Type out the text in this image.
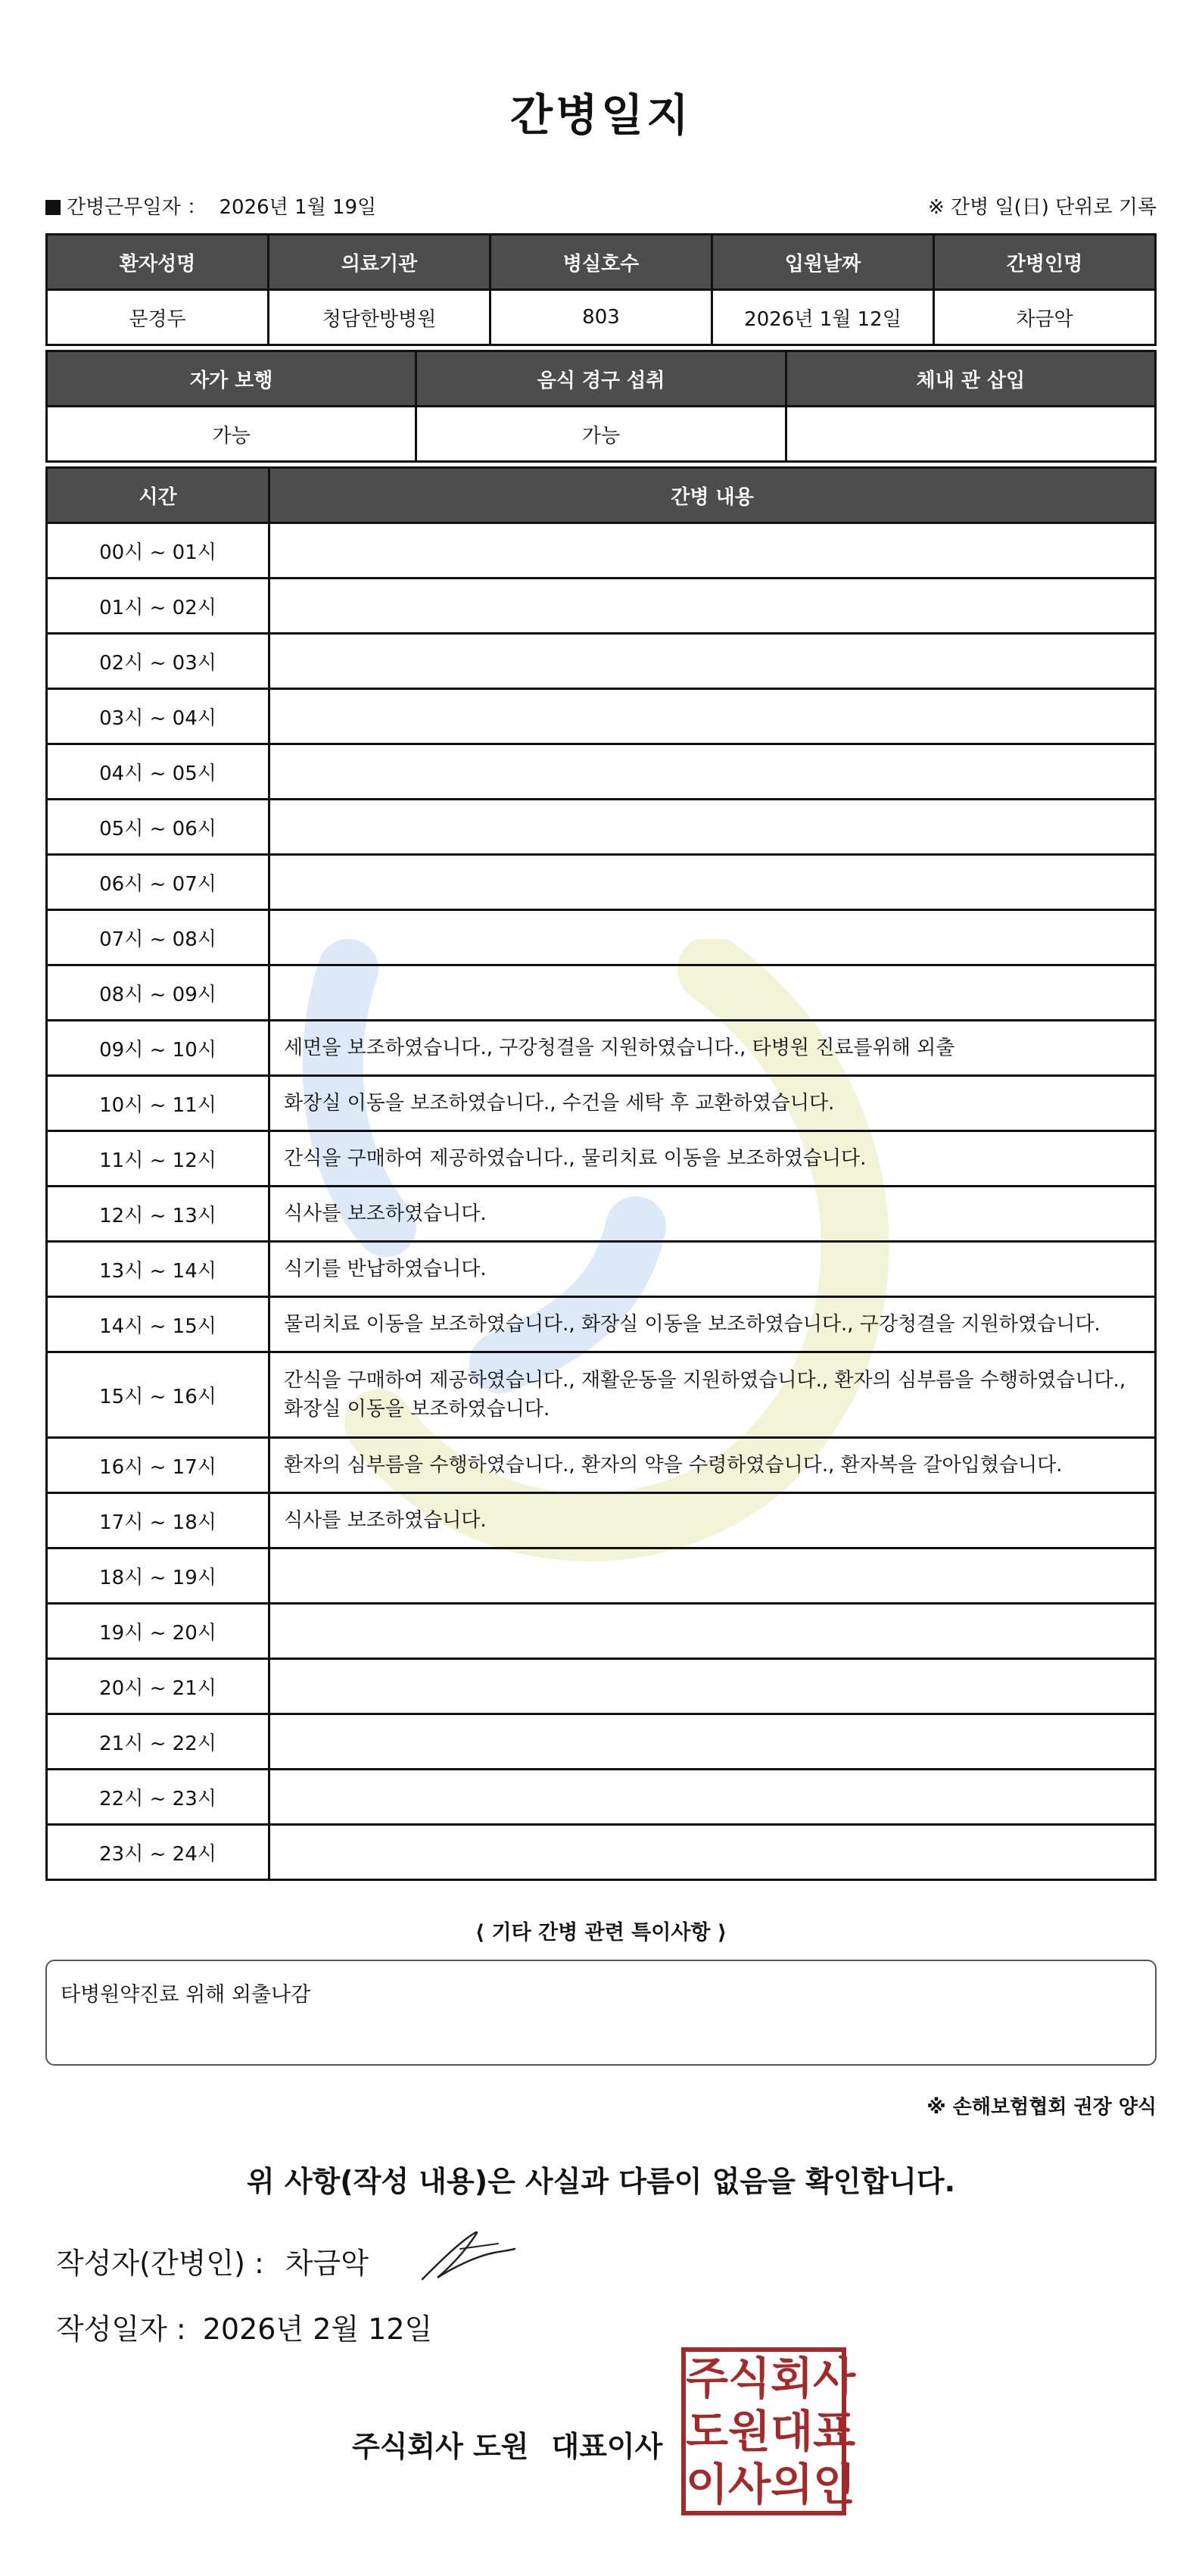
간병일지
간병근무일자 ： 2026년 1월 19일	※ 간병 일(日) 단위로 기록
환자성명	의료기관	병실호수	입원날짜	간병인명
문경두	청담한방병원	803	2026년 1월 12일	차금악
자가 보행	음식 경구 섭취	체내 관 삽입
가능	가능	
시간	간병 내용
00시 ~ 01시	
01시 ~ 02시	
02시 ~ 03시	
03시 ~ 04시	
04시 ~ 05시	
05시 ~ 06시	
06시 ~ 07시	
07시 ~ 08시	
08시 ~ 09시	
09시 ~ 10시	세면을 보조하였습니다., 구강청결을 지원하였습니다., 타병원 진료를위해 외출
10시 ~ 11시	화장실 이동을 보조하였습니다., 수건을 세탁 후 교환하였습니다.
11시 ~ 12시	간식을 구매하여 제공하였습니다., 물리치료 이동을 보조하였습니다.
12시 ~ 13시	식사를 보조하였습니다.
13시 ~ 14시	식기를 반납하였습니다.
14시 ~ 15시	물리치료 이동을 보조하였습니다., 화장실 이동을 보조하였습니다., 구강청결을 지원하였습니다.
15시 ~ 16시	간식을 구매하여 제공하였습니다., 재활운동을 지원하였습니다., 환자의 심부름을 수행하였습니다., 화장실 이동을 보조하였습니다.
16시 ~ 17시	환자의 심부름을 수행하였습니다., 환자의 약을 수령하였습니다., 환자복을 갈아입혔습니다.
17시 ~ 18시	식사를 보조하였습니다.
18시 ~ 19시	
19시 ~ 20시	
20시 ~ 21시	
21시 ~ 22시	
22시 ~ 23시	
23시 ~ 24시	
⟨ 기타 간병 관련 특이사항 ⟩
타병원약진료 위해 외출나감
※ 손해보험협회 권장 양식
위 사항(작성 내용)은 사실과 다름이 없음을 확인합니다.
작성자(간병인) : 차금악
작성일자 : 2026년 2월 12일
주식회사 도원 대표이사
주 식 회 사
도 원 대 표
이 사 의 인
